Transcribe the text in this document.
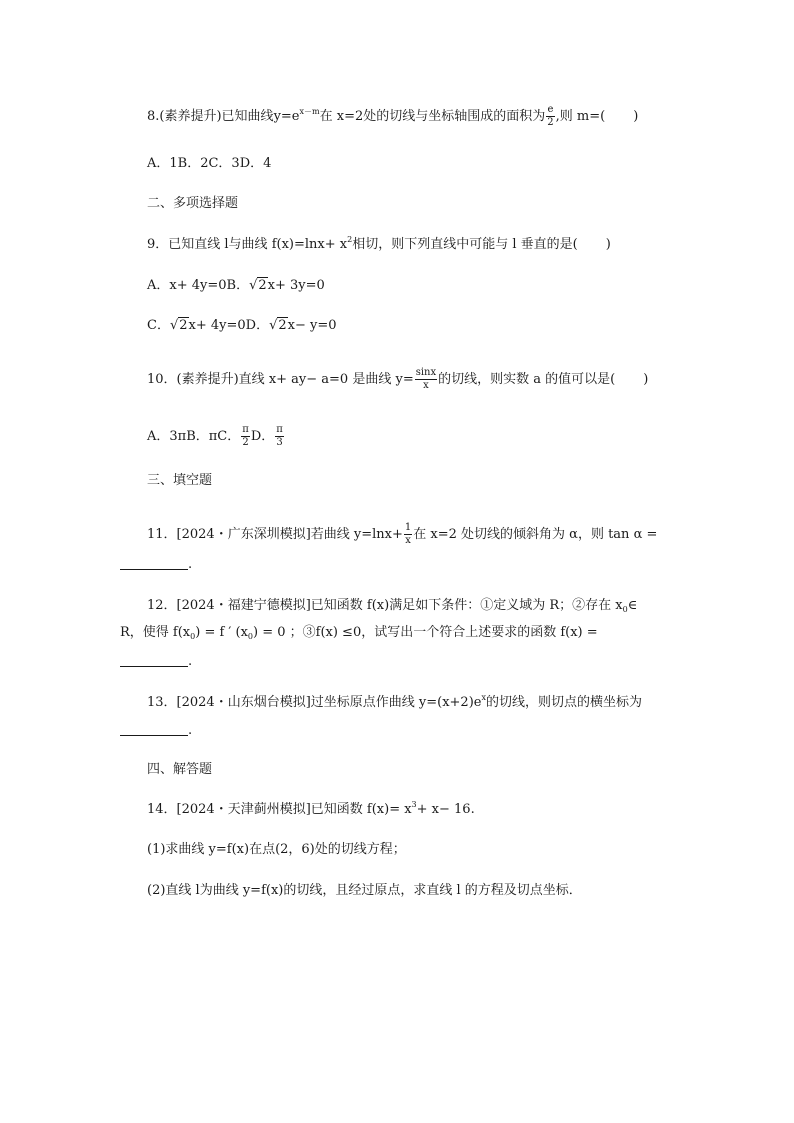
8.(素养提升)已知曲线$y=e^{x-m}$在 x=2处的切线与坐标轴围成的面积为 $\frac{e}{2}$ ,则 m=( )
A．1B．2C．3D．4
二、多项选择题
9．已知直线 l与曲线 $f(x)=\ln x+ x^2$相切，则下列直线中可能与 l 垂直的是( )
A．x+ 4y=0B．√2x+ 3y=0
C．√2x+ 4y=0D．√2x− y=0
10．(素养提升)直线 x+ ay− a=0 是曲线 $y= \frac{\sin x}{x}$ 的切线，则实数 a 的值可以是( )
A．3πB．πC． $\frac{\pi}{2}$ D． $\frac{\pi}{3}$
三、填空题
11．[2024・广东深圳模拟]若曲线 $y=\ln x+ \frac{1}{x}$ 在 x=2 处切线的倾斜角为 α，则 tan α =
.
12．[2024・福建宁德模拟]已知函数 f(x)满足如下条件：①定义域为 R；②存在 $x_0\in$
R，使得 $f(x_0) = f$ ′ $(x_0) = 0$ ；③f(x) ≤0，试写出一个符合上述要求的函数 f(x) =
.
13．[2024・山东烟台模拟]过坐标原点作曲线 $y=(x+2)e^x$的切线，则切点的横坐标为
.
四、解答题
14．[2024・天津蓟州模拟]已知函数 $f(x)= x^3+ x- 16$.
(1)求曲线 y=f(x)在点(2，6)处的切线方程；
(2)直线 l为曲线 y=f(x)的切线，且经过原点，求直线 l 的方程及切点坐标．
